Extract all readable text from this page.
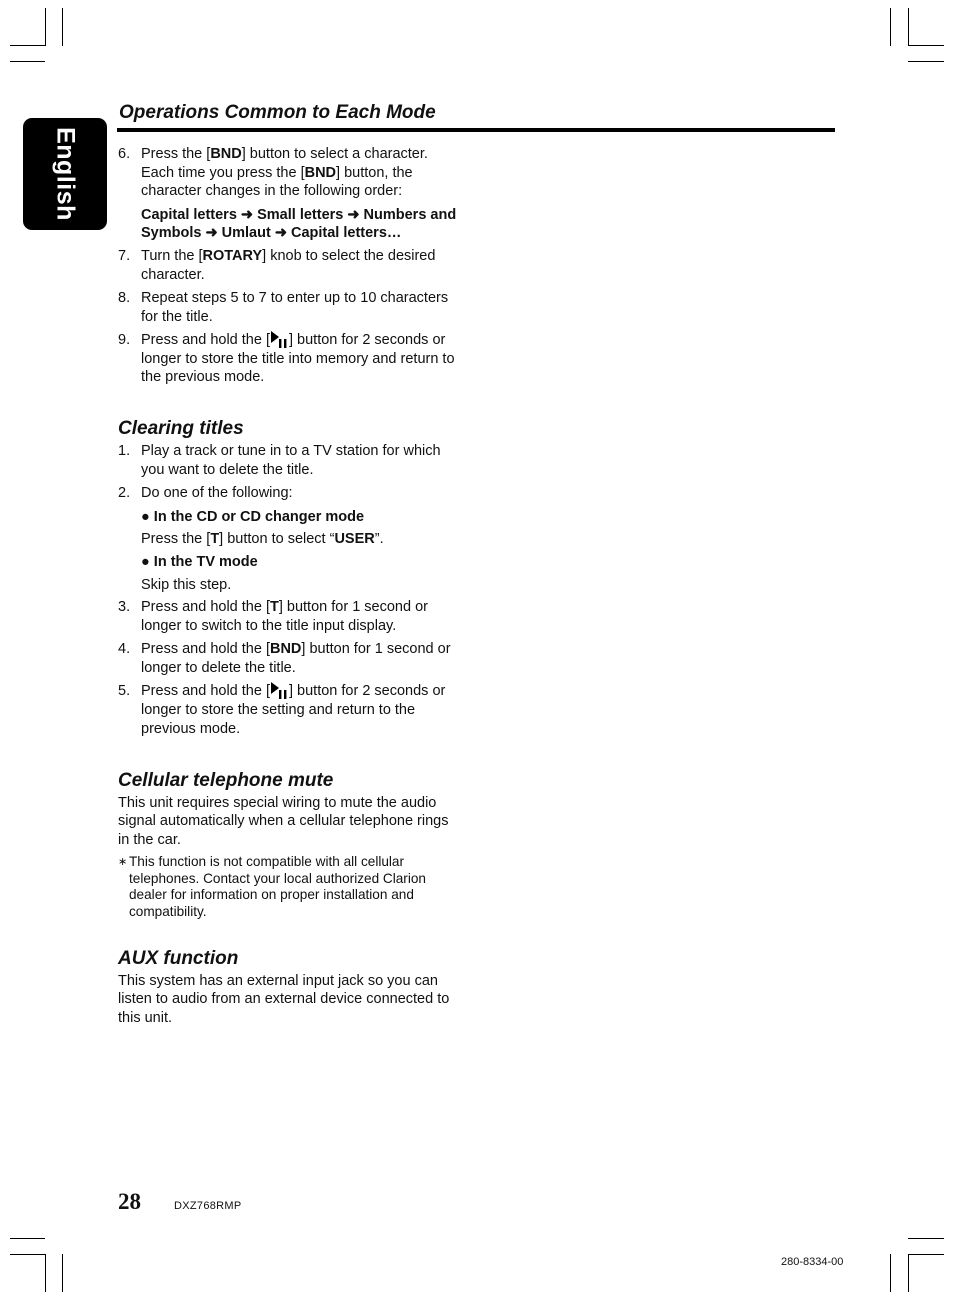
English
Operations Common to Each Mode
6. Press the [BND] button to select a character. Each time you press the [BND] button, the character changes in the following order:
Capital letters ➜ Small letters ➜ Numbers and Symbols ➜ Umlaut ➜ Capital letters…
7. Turn the [ROTARY] knob to select the desired character.
8. Repeat steps 5 to 7 to enter up to 10 characters for the title.
9. Press and hold the [ ] button for 2 seconds or longer to store the title into memory and return to the previous mode.
Clearing titles
1. Play a track or tune in to a TV station for which you want to delete the title.
2. Do one of the following:
● In the CD or CD changer mode
Press the [T] button to select “USER”.
● In the TV mode
Skip this step.
3. Press and hold the [T] button for 1 second or longer to switch to the title input display.
4. Press and hold the [BND] button for 1 second or longer to delete the title.
5. Press and hold the [ ] button for 2 seconds or longer to store the setting and return to the previous mode.
Cellular telephone mute
This unit requires special wiring to mute the audio signal automatically when a cellular telephone rings in the car.
∗ This function is not compatible with all cellular telephones. Contact your local authorized Clarion dealer for information on proper installation and compatibility.
AUX function
This system has an external input jack so you can listen to audio from an external device connected to this unit.
28	DXZ768RMP
280-8334-00
